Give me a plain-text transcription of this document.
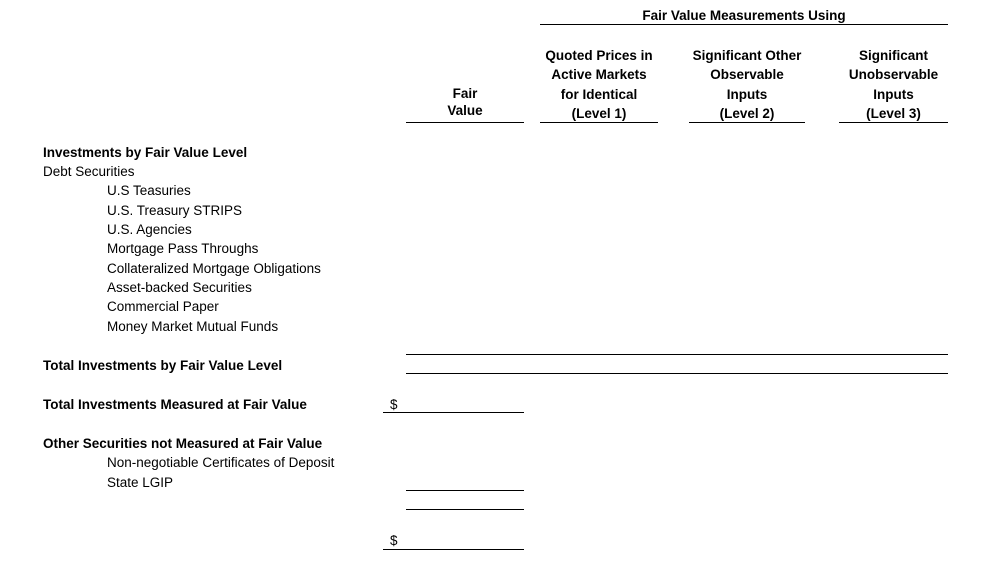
Fair Value Measurements Using
Fair
Value
Quoted Prices in
Active Markets
for Identical
(Level 1)
Significant Other
Observable
Inputs
(Level 2)
Significant
Unobservable
Inputs
(Level 3)
Investments by Fair Value Level
Debt Securities
U.S Teasuries
U.S. Treasury STRIPS
U.S. Agencies
Mortgage Pass Throughs
Collateralized Mortgage Obligations
Asset-backed Securities
Commercial Paper
Money Market Mutual Funds
Total Investments by Fair Value Level
Total Investments Measured at Fair Value	$
Other Securities not Measured at Fair Value
Non-negotiable Certificates of Deposit
State LGIP
$
